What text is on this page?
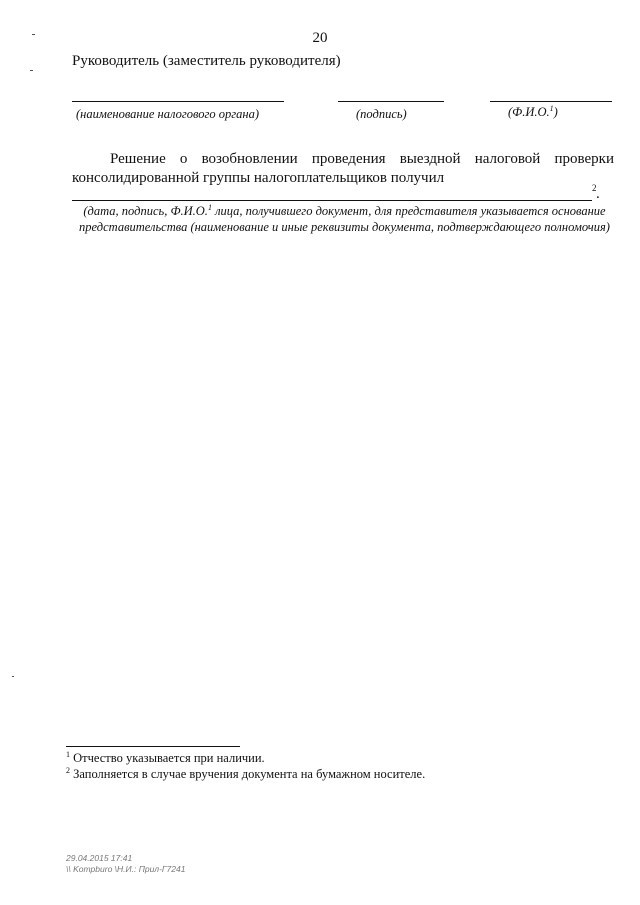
20
Руководитель (заместитель руководителя)
(наименование налогового органа)	(подпись)	(Ф.И.О.$^1$)
Решение о возобновлении проведения выездной налоговой проверки
консолидированной группы налогоплательщиков получил
2 .
(дата, подпись, Ф.И.О.$^1$ лица, получившего документ, для представителя указывается основание представительства (наименование и иные реквизиты документа, подтверждающего полномочия)
$^1$ Отчество указывается при наличии.
$^2$ Заполняется в случае вручения документа на бумажном носителе.
29.04.2015 17:41
\\ Kompburo \Н.И.: Прил-Г7241
